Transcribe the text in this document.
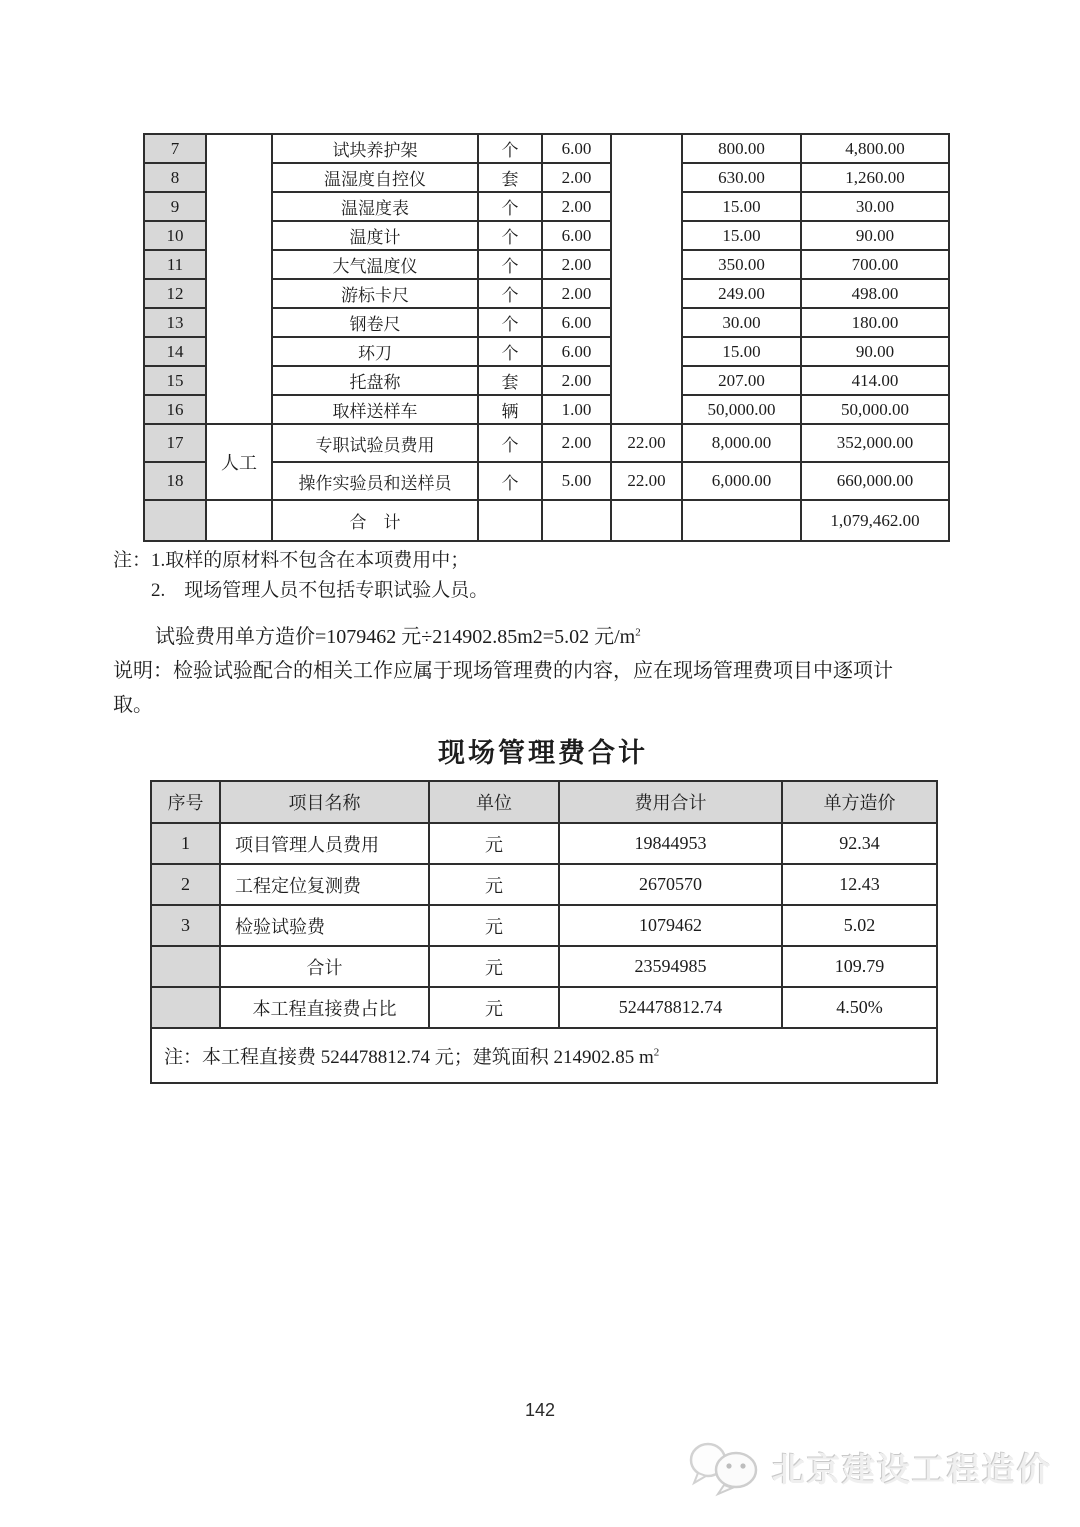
7		试块养护架	个	6.00		800.00	4,800.00
8		温湿度自控仪	套	2.00		630.00	1,260.00
9		温湿度表	个	2.00		15.00	30.00
10		温度计	个	6.00		15.00	90.00
11		大气温度仪	个	2.00		350.00	700.00
12		游标卡尺	个	2.00		249.00	498.00
13		钢卷尺	个	6.00		30.00	180.00
14		环刀	个	6.00		15.00	90.00
15		托盘称	套	2.00		207.00	414.00
16		取样送样车	辆	1.00		50,000.00	50,000.00
17	人工	专职试验员费用	个	2.00	22.00	8,000.00	352,000.00
18		操作实验员和送样员	个	5.00	22.00	6,000.00	660,000.00
		合　计					1,079,462.00
注：1.取样的原材料不包含在本项费用中；
2.　现场管理人员不包括专职试验人员。
试验费用单方造价=1079462 元÷214902.85m2=5.02 元$/m^2$
说明：检验试验配合的相关工作应属于现场管理费的内容，应在现场管理费项目中逐项计
取。
现场管理费合计
序号	项目名称	单位	费用合计	单方造价
1	项目管理人员费用	元	19844953	92.34
2	工程定位复测费	元	2670570	12.43
3	检验试验费	元	1079462	5.02
	合计	元	23594985	109.79
	本工程直接费占比	元	524478812.74	4.50%
注：本工程直接费 524478812.74 元；建筑面积 214902.85 $m^2$
142
北京建设工程造价
